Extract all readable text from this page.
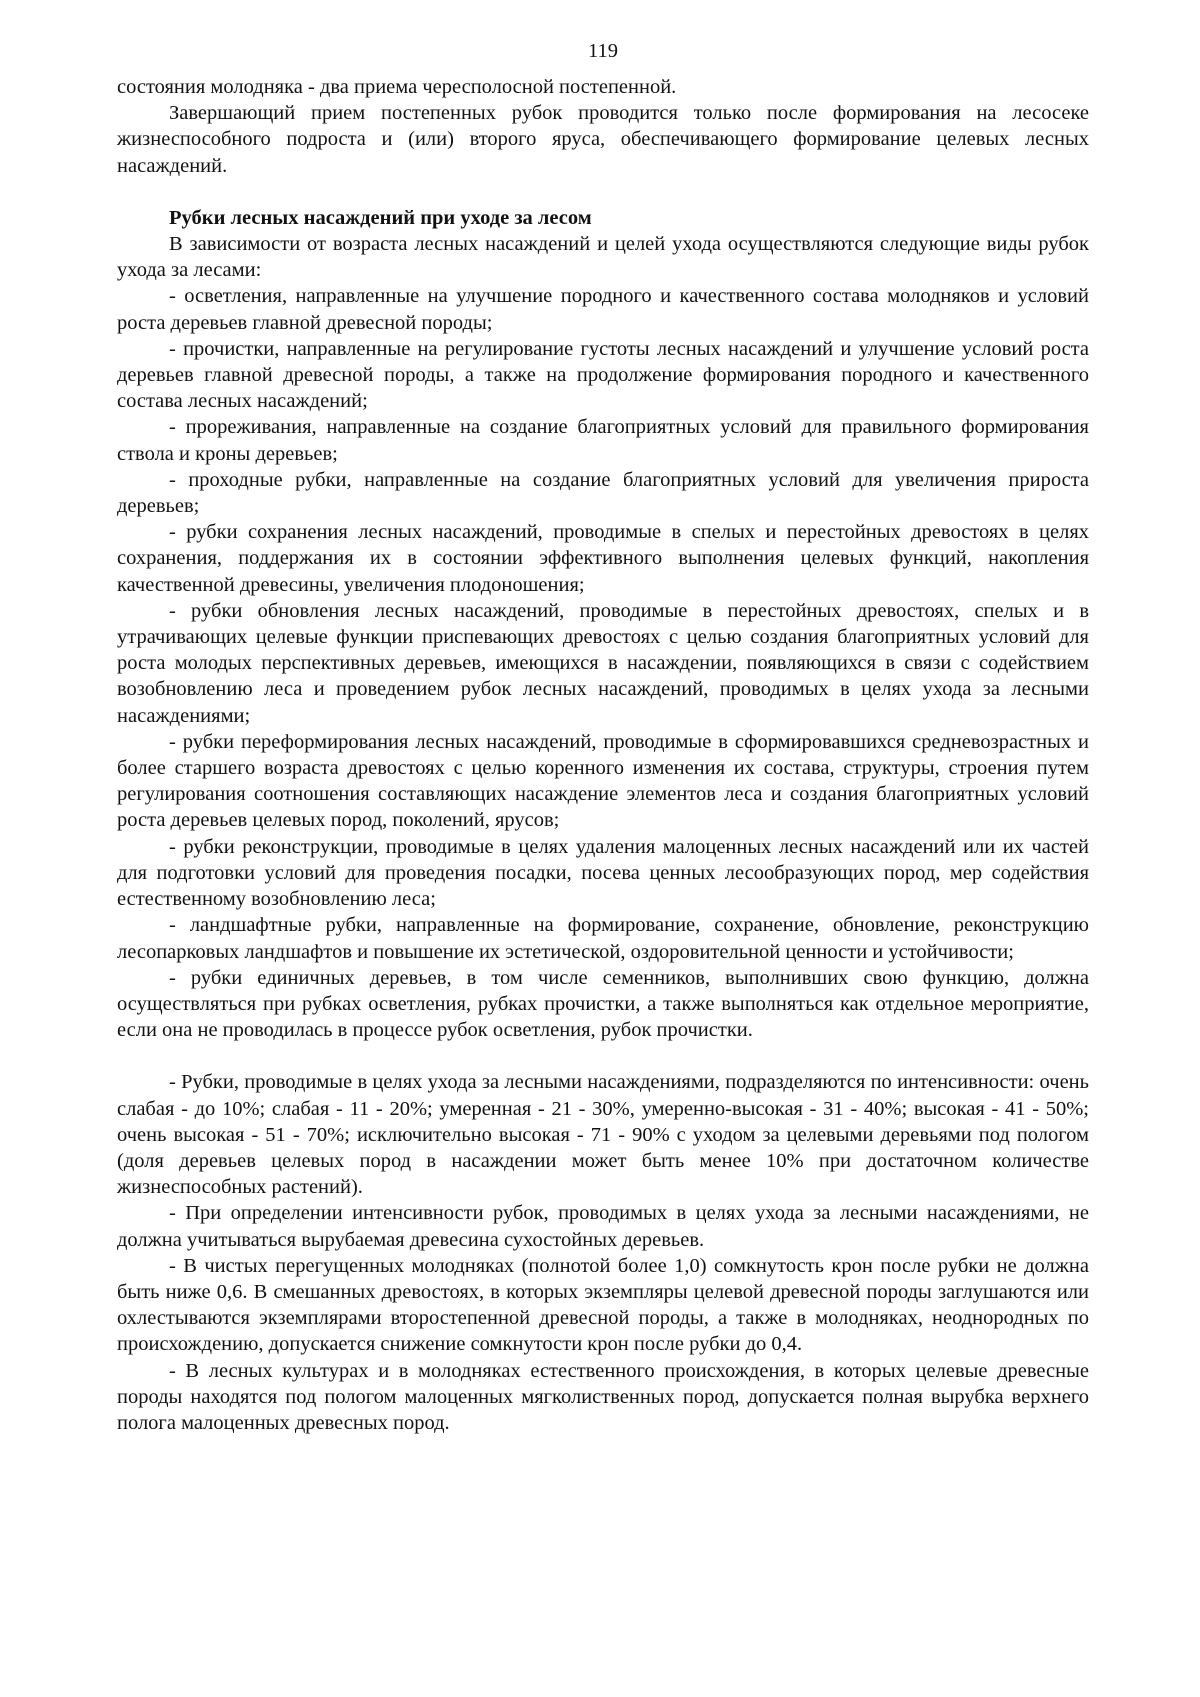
119

состояния молодняка - два приема чересполосной постепенной.

Завершающий прием постепенных рубок проводится только после формирования на лесосеке жизнеспособного подроста и (или) второго яруса, обеспечивающего формирование целевых лесных насаждений.

Рубки лесных насаждений при уходе за лесом

В зависимости от возраста лесных насаждений и целей ухода осуществляются следующие виды рубок ухода за лесами:

- осветления, направленные на улучшение породного и качественного состава молодняков и условий роста деревьев главной древесной породы;

- прочистки, направленные на регулирование густоты лесных насаждений и улучшение условий роста деревьев главной древесной породы, а также на продолжение формирования породного и качественного состава лесных насаждений;

- прореживания, направленные на создание благоприятных условий для правильного формирования ствола и кроны деревьев;

- проходные рубки, направленные на создание благоприятных условий для увеличения прироста деревьев;

- рубки сохранения лесных насаждений, проводимые в спелых и перестойных древостоях в целях сохранения, поддержания их в состоянии эффективного выполнения целевых функций, накопления качественной древесины, увеличения плодоношения;

- рубки обновления лесных насаждений, проводимые в перестойных древостоях, спелых и в утрачивающих целевые функции приспевающих древостоях с целью создания благоприятных условий для роста молодых перспективных деревьев, имеющихся в насаждении, появляющихся в связи с содействием возобновлению леса и проведением рубок лесных насаждений, проводимых в целях ухода за лесными насаждениями;

- рубки переформирования лесных насаждений, проводимые в сформировавшихся средневозрастных и более старшего возраста древостоях с целью коренного изменения их состава, структуры, строения путем регулирования соотношения составляющих насаждение элементов леса и создания благоприятных условий роста деревьев целевых пород, поколений, ярусов;

- рубки реконструкции, проводимые в целях удаления малоценных лесных насаждений или их частей для подготовки условий для проведения посадки, посева ценных лесообразующих пород, мер содействия естественному возобновлению леса;

- ландшафтные рубки, направленные на формирование, сохранение, обновление, реконструкцию лесопарковых ландшафтов и повышение их эстетической, оздоровительной ценности и устойчивости;

- рубки единичных деревьев, в том числе семенников, выполнивших свою функцию, должна осуществляться при рубках осветления, рубках прочистки, а также выполняться как отдельное мероприятие, если она не проводилась в процессе рубок осветления, рубок прочистки.

- Рубки, проводимые в целях ухода за лесными насаждениями, подразделяются по интенсивности: очень слабая - до 10%; слабая - 11 - 20%; умеренная - 21 - 30%, умеренно-высокая - 31 - 40%; высокая - 41 - 50%; очень высокая - 51 - 70%; исключительно высокая - 71 - 90% с уходом за целевыми деревьями под пологом (доля деревьев целевых пород в насаждении может быть менее 10% при достаточном количестве жизнеспособных растений).

- При определении интенсивности рубок, проводимых в целях ухода за лесными насаждениями, не должна учитываться вырубаемая древесина сухостойных деревьев.

- В чистых перегущенных молодняках (полнотой более 1,0) сомкнутость крон после рубки не должна быть ниже 0,6. В смешанных древостоях, в которых экземпляры целевой древесной породы заглушаются или охлестываются экземплярами второстепенной древесной породы, а также в молодняках, неоднородных по происхождению, допускается снижение сомкнутости крон после рубки до 0,4.

- В лесных культурах и в молодняках естественного происхождения, в которых целевые древесные породы находятся под пологом малоценных мягколиственных пород, допускается полная вырубка верхнего полога малоценных древесных пород.
